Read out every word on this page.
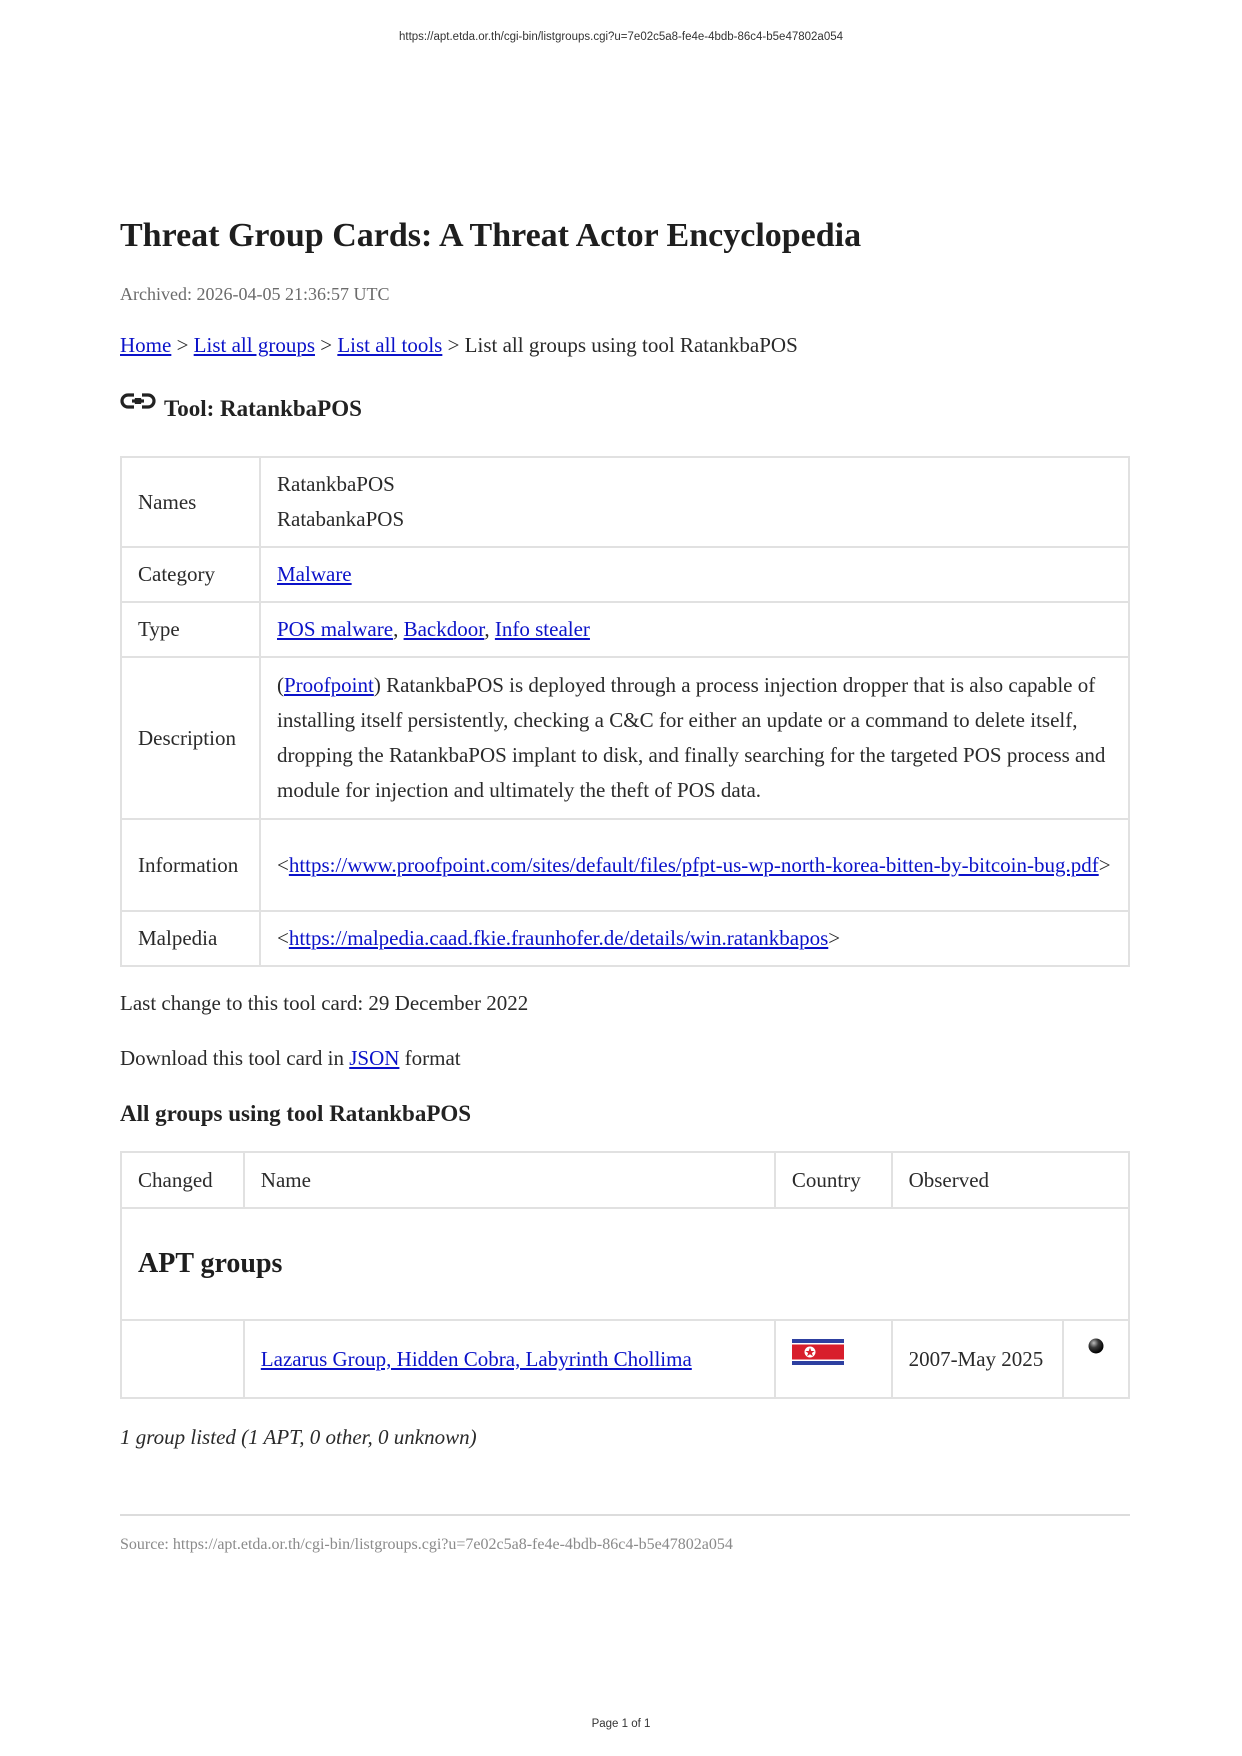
https://apt.etda.or.th/cgi-bin/listgroups.cgi?u=7e02c5a8-fe4e-4bdb-86c4-b5e47802a054
Threat Group Cards: A Threat Actor Encyclopedia
Archived: 2026-04-05 21:36:57 UTC
Home > List all groups > List all tools > List all groups using tool RatankbaPOS
Tool: RatankbaPOS
Names	RatankbaPOS
RatabankaPOS

Category	Malware
Type	POS malware, Backdoor, Info stealer
Description	(Proofpoint) RatankbaPOS is deployed through a process injection dropper that is also capable of installing itself persistently, checking a C&C for either an update or a command to delete itself, dropping the RatankbaPOS implant to disk, and finally searching for the targeted POS process and module for injection and ultimately the theft of POS data.
Information	<https://www.proofpoint.com/sites/default/files/pfpt-us-wp-north-korea-bitten-by-bitcoin-bug.pdf>
Malpedia	<https://malpedia.caad.fkie.fraunhofer.de/details/win.ratankbapos>
Last change to this tool card: 29 December 2022
Download this tool card in JSON format
All groups using tool RatankbaPOS
Changed	Name	Country	Observed	
APT groups				
	Lazarus Group, Hidden Cobra, Labyrinth Chollima		2007-May 2025	
1 group listed (1 APT, 0 other, 0 unknown)
Source: https://apt.etda.or.th/cgi-bin/listgroups.cgi?u=7e02c5a8-fe4e-4bdb-86c4-b5e47802a054
Page 1 of 1
